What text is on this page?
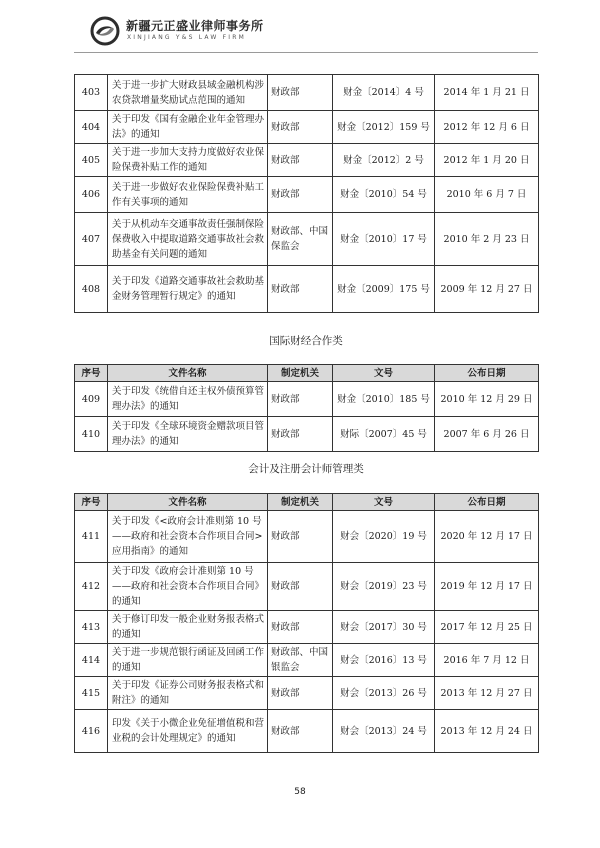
新疆元正盛业律师事务所
XINJIANG Y&S LAW FIRM
403	关于进一步扩大财政县域金融机构涉农贷款增量奖励试点范围的通知	财政部	财金〔2014〕4 号	2014 年 1 月 21 日
404	关于印发《国有金融企业年金管理办法》的通知	财政部	财金〔2012〕159 号	2012 年 12 月 6 日
405	关于进一步加大支持力度做好农业保险保费补贴工作的通知	财政部	财金〔2012〕2 号	2012 年 1 月 20 日
406	关于进一步做好农业保险保费补贴工作有关事项的通知	财政部	财金〔2010〕54 号	2010 年 6 月 7 日
407	关于从机动车交通事故责任强制保险保费收入中提取道路交通事故社会救助基金有关问题的通知	财政部、中国保监会	财金〔2010〕17 号	2010 年 2 月 23 日
408	关于印发《道路交通事故社会救助基金财务管理暂行规定》的通知	财政部	财金〔2009〕175 号	2009 年 12 月 27 日
国际财经合作类
序号	文件名称	制定机关	文号	公布日期
409	关于印发《统借自还主权外债预算管理办法》的通知	财政部	财金〔2010〕185 号	2010 年 12 月 29 日
410	关于印发《全球环境资金赠款项目管理办法》的通知	财政部	财际〔2007〕45 号	2007 年 6 月 26 日
会计及注册会计师管理类
序号	文件名称	制定机关	文号	公布日期
411	关于印发《<政府会计准则第 10 号——政府和社会资本合作项目合同>应用指南》的通知	财政部	财会〔2020〕19 号	2020 年 12 月 17 日
412	关于印发《政府会计准则第 10 号——政府和社会资本合作项目合同》的通知	财政部	财会〔2019〕23 号	2019 年 12 月 17 日
413	关于修订印发一般企业财务报表格式的通知	财政部	财会〔2017〕30 号	2017 年 12 月 25 日
414	关于进一步规范银行函证及回函工作的通知	财政部、中国银监会	财会〔2016〕13 号	2016 年 7 月 12 日
415	关于印发《证券公司财务报表格式和附注》的通知	财政部	财会〔2013〕26 号	2013 年 12 月 27 日
416	印发《关于小微企业免征增值税和营业税的会计处理规定》的通知	财政部	财会〔2013〕24 号	2013 年 12 月 24 日
58
